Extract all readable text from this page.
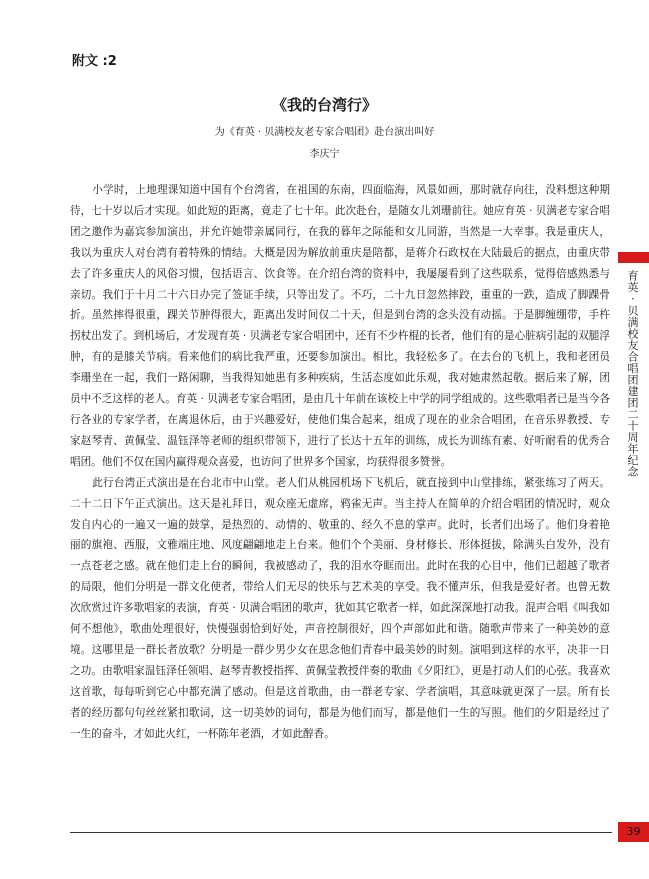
附文 :2
《我的台湾行》

为《育英 · 贝满校友老专家合唱团》赴台演出叫好

李庆宁

小学时，上地理课知道中国有个台湾省，在祖国的东南，四面临海，风景如画，那时就存向往，没料想这种期待，七十岁以后才实现。如此短的距离，竟走了七十年。此次赴台，是随女儿刘珊前往。她应育英 · 贝满老专家合唱团之邀作为嘉宾参加演出，并允许她带亲属同行，在我的暮年之际能和女儿同游，当然是一大幸事。我是重庆人，我以为重庆人对台湾有着特殊的情结。大概是因为解放前重庆是陪都，是蒋介石政权在大陆最后的据点，由重庆带去了许多重庆人的风俗习惯，包括语言、饮食等。在介绍台湾的资料中，我屡屡看到了这些联系，觉得倍感熟悉与亲切。我们于十月二十六日办完了签证手续，只等出发了。不巧，二十九日忽然摔跤，重重的一跌，造成了脚踝骨折。虽然摔得很重，踝关节肿得很大，距离出发时间仅二十天，但是到台湾的念头没有动摇。于是脚缠绷带，手杵拐杖出发了。到机场后，才发现育英 · 贝满老专家合唱团中，还有不少杵棍的长者，他们有的是心脏病引起的双腿浮肿，有的是膝关节病。看来他们的病比我严重，还要参加演出。相比，我轻松多了。在去台的飞机上，我和老团员李珊坐在一起，我们一路闲聊，当我得知她患有多种疾病，生活态度如此乐观，我对她肃然起敬。据后来了解，团员中不乏这样的老人。育英 · 贝满老专家合唱团，是由几十年前在该校上中学的同学组成的。这些歌唱者已是当今各行各业的专家学者，在离退休后，由于兴趣爱好，使他们集合起来，组成了现在的业余合唱团，在音乐界教授、专家赵琴青、黄佩莹、温钰泽等老师的组织带领下，进行了长达十五年的训练，成长为训练有素、好听耐看的优秀合唱团。他们不仅在国内赢得观众喜爱，也访问了世界多个国家，均获得很多赞誉。

此行台湾正式演出是在台北市中山堂。老人们从桃园机场下飞机后，就直接到中山堂排练，紧张练习了两天。二十二日下午正式演出。这天是礼拜日，观众座无虚席，鸦雀无声。当主持人在简单的介绍合唱团的情况时，观众发自内心的一遍又一遍的鼓掌，是热烈的、动情的、敬重的、经久不息的掌声。此时，长者们出场了。他们身着艳丽的旗袍、西服，文雅端庄地、风度翩翩地走上台来。他们个个美丽、身材修长、形体挺拔，除满头白发外，没有一点苍老之感。就在他们走上台的瞬间，我被感动了，我的泪水夺眶而出。此时在我的心目中，他们已超越了歌者的局限，他们分明是一群文化使者，带给人们无尽的快乐与艺术美的享受。我不懂声乐，但我是爱好者。也曾无数次欣赏过许多歌唱家的表演，育英 · 贝满合唱团的歌声，犹如其它歌者一样，如此深深地打动我。混声合唱《叫我如何不想他》，歌曲处理很好，快慢强弱恰到好处，声音控制很好，四个声部如此和谐。随歌声带来了一种美妙的意境。这哪里是一群长者放歌？分明是一群少男少女在思念他们青春中最美妙的时刻。演唱到这样的水平，决非一日之功。由歌唱家温钰泽任领唱、赵琴青教授指挥、黄佩莹教授伴奏的歌曲《夕阳红》，更是打动人们的心弦。我喜欢这首歌，每每听到它心中都充满了感动。但是这首歌曲，由一群老专家、学者演唱，其意味就更深了一层。所有长者的经历都句句丝丝紧扣歌词，这一切美妙的词句，都是为他们而写，都是他们一生的写照。他们的夕阳是经过了一生的奋斗，才如此火红，一杯陈年老酒，才如此醇香。

育英 · 贝满校友合唱团建团二十周年纪念
39
